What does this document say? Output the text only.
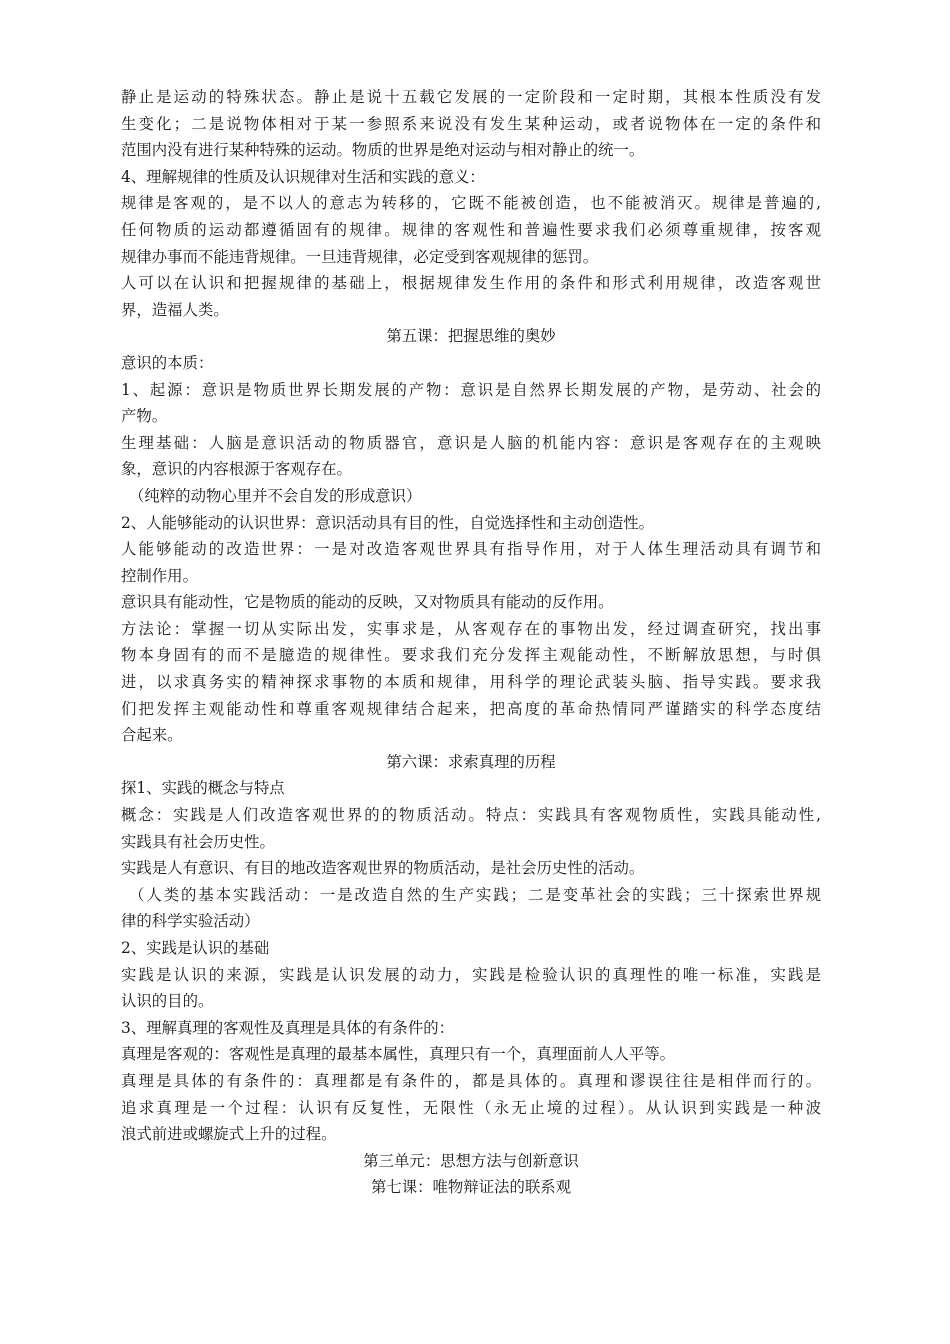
静止是运动的特殊状态。静止是说十五载它发展的一定阶段和一定时期，其根本性质没有发
生变化；二是说物体相对于某一参照系来说没有发生某种运动，或者说物体在一定的条件和
范围内没有进行某种特殊的运动。物质的世界是绝对运动与相对静止的统一。
4、理解规律的性质及认识规律对生活和实践的意义：
规律是客观的，是不以人的意志为转移的，它既不能被创造，也不能被消灭。规律是普遍的,
任何物质的运动都遵循固有的规律。规律的客观性和普遍性要求我们必须尊重规律，按客观
规律办事而不能违背规律。一旦违背规律，必定受到客观规律的惩罚。
人可以在认识和把握规律的基础上，根据规律发生作用的条件和形式利用规律，改造客观世
界，造福人类。
第五课：把握思维的奥妙
意识的本质：
1、起源：意识是物质世界长期发展的产物：意识是自然界长期发展的产物，是劳动、社会的
产物。
生理基础：人脑是意识活动的物质器官，意识是人脑的机能内容：意识是客观存在的主观映
象，意识的内容根源于客观存在。
（纯粹的动物心里并不会自发的形成意识）
2、人能够能动的认识世界：意识活动具有目的性，自觉选择性和主动创造性。
人能够能动的改造世界：一是对改造客观世界具有指导作用，对于人体生理活动具有调节和
控制作用。
意识具有能动性，它是物质的能动的反映，又对物质具有能动的反作用。
方法论：掌握一切从实际出发，实事求是，从客观存在的事物出发，经过调查研究，找出事
物本身固有的而不是臆造的规律性。要求我们充分发挥主观能动性，不断解放思想，与时俱
进，以求真务实的精神探求事物的本质和规律，用科学的理论武装头脑、指导实践。要求我
们把发挥主观能动性和尊重客观规律结合起来，把高度的革命热情同严谨踏实的科学态度结
合起来。
第六课：求索真理的历程
探1、实践的概念与特点
概念：实践是人们改造客观世界的的物质活动。特点：实践具有客观物质性，实践具能动性,
实践具有社会历史性。
实践是人有意识、有目的地改造客观世界的物质活动，是社会历史性的活动。
（人类的基本实践活动：一是改造自然的生产实践；二是变革社会的实践；三十探索世界规
律的科学实验活动）
2、实践是认识的基础
实践是认识的来源，实践是认识发展的动力，实践是检验认识的真理性的唯一标准，实践是
认识的目的。
3、理解真理的客观性及真理是具体的有条件的：
真理是客观的：客观性是真理的最基本属性，真理只有一个，真理面前人人平等。
真理是具体的有条件的：真理都是有条件的，都是具体的。真理和谬误往往是相伴而行的。
追求真理是一个过程：认识有反复性，无限性（永无止境的过程）。从认识到实践是一种波
浪式前进或螺旋式上升的过程。
第三单元：思想方法与创新意识
第七课：唯物辩证法的联系观
